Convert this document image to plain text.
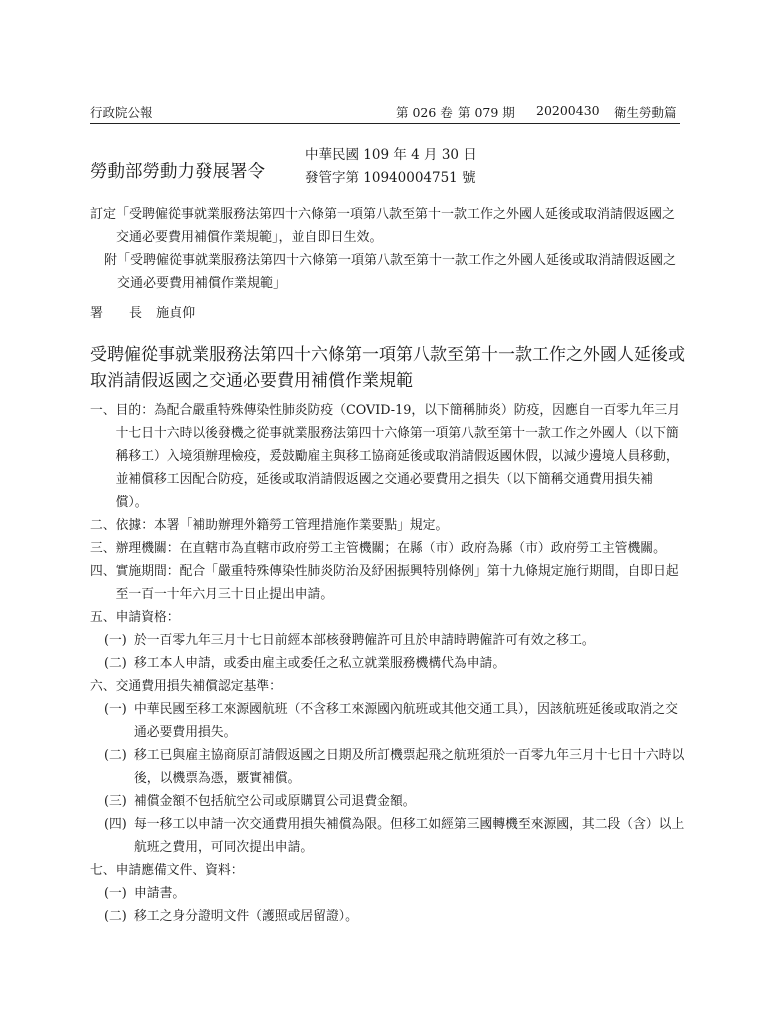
行政院公報	第 026 卷 第 079 期 20200430 衛生勞動篇
勞動部勞動力發展署令
中華民國 109 年 4 月 30 日
發管字第 10940004751 號
訂定 「受聘僱從事就業服務法第四十六條第一項第八款至第十一款工作之外國人延後或取消請假返國之交通必要費用補償作業規範」，並自即日生效。
附 「受聘僱從事就業服務法第四十六條第一項第八款至第十一款工作之外國人延後或取消請假返國之交通必要費用補償作業規範」
署　　長 施貞仰
受聘僱從事就業服務法第四十六條第一項第八款至第十一款工作之外國人延後或取消請假返國之交通必要費用補償作業規範
一、 目的：為配合嚴重特殊傳染性肺炎防疫（COVID-19，以下簡稱肺炎）防疫，因應自一百零九年三月十七日十六時以後發機之從事就業服務法第四十六條第一項第八款至第十一款工作之外國人（以下簡稱移工）入境須辦理檢疫，爰鼓勵雇主與移工協商延後或取消請假返國休假，以減少邊境人員移動，並補償移工因配合防疫，延後或取消請假返國之交通必要費用之損失（以下簡稱交通費用損失補償）。
二、 依據：本署「補助辦理外籍勞工管理措施作業要點」規定。
三、 辦理機關：在直轄市為直轄市政府勞工主管機關；在縣（市）政府為縣（市）政府勞工主管機關。
四、 實施期間：配合「嚴重特殊傳染性肺炎防治及紓困振興特別條例」第十九條規定施行期間，自即日起至一百一十年六月三十日止提出申請。
五、 申請資格：
(一) 於一百零九年三月十七日前經本部核發聘僱許可且於申請時聘僱許可有效之移工。
(二) 移工本人申請，或委由雇主或委任之私立就業服務機構代為申請。
六、 交通費用損失補償認定基準：
(一) 中華民國至移工來源國航班（不含移工來源國內航班或其他交通工具），因該航班延後或取消之交通必要費用損失。
(二) 移工已與雇主協商原訂請假返國之日期及所訂機票起飛之航班須於一百零九年三月十七日十六時以後，以機票為憑，覈實補償。
(三) 補償金額不包括航空公司或原購買公司退費金額。
(四) 每一移工以申請一次交通費用損失補償為限。但移工如經第三國轉機至來源國，其二段（含）以上航班之費用，可同次提出申請。
七、 申請應備文件、資料：
(一) 申請書。
(二) 移工之身分證明文件（護照或居留證）。
